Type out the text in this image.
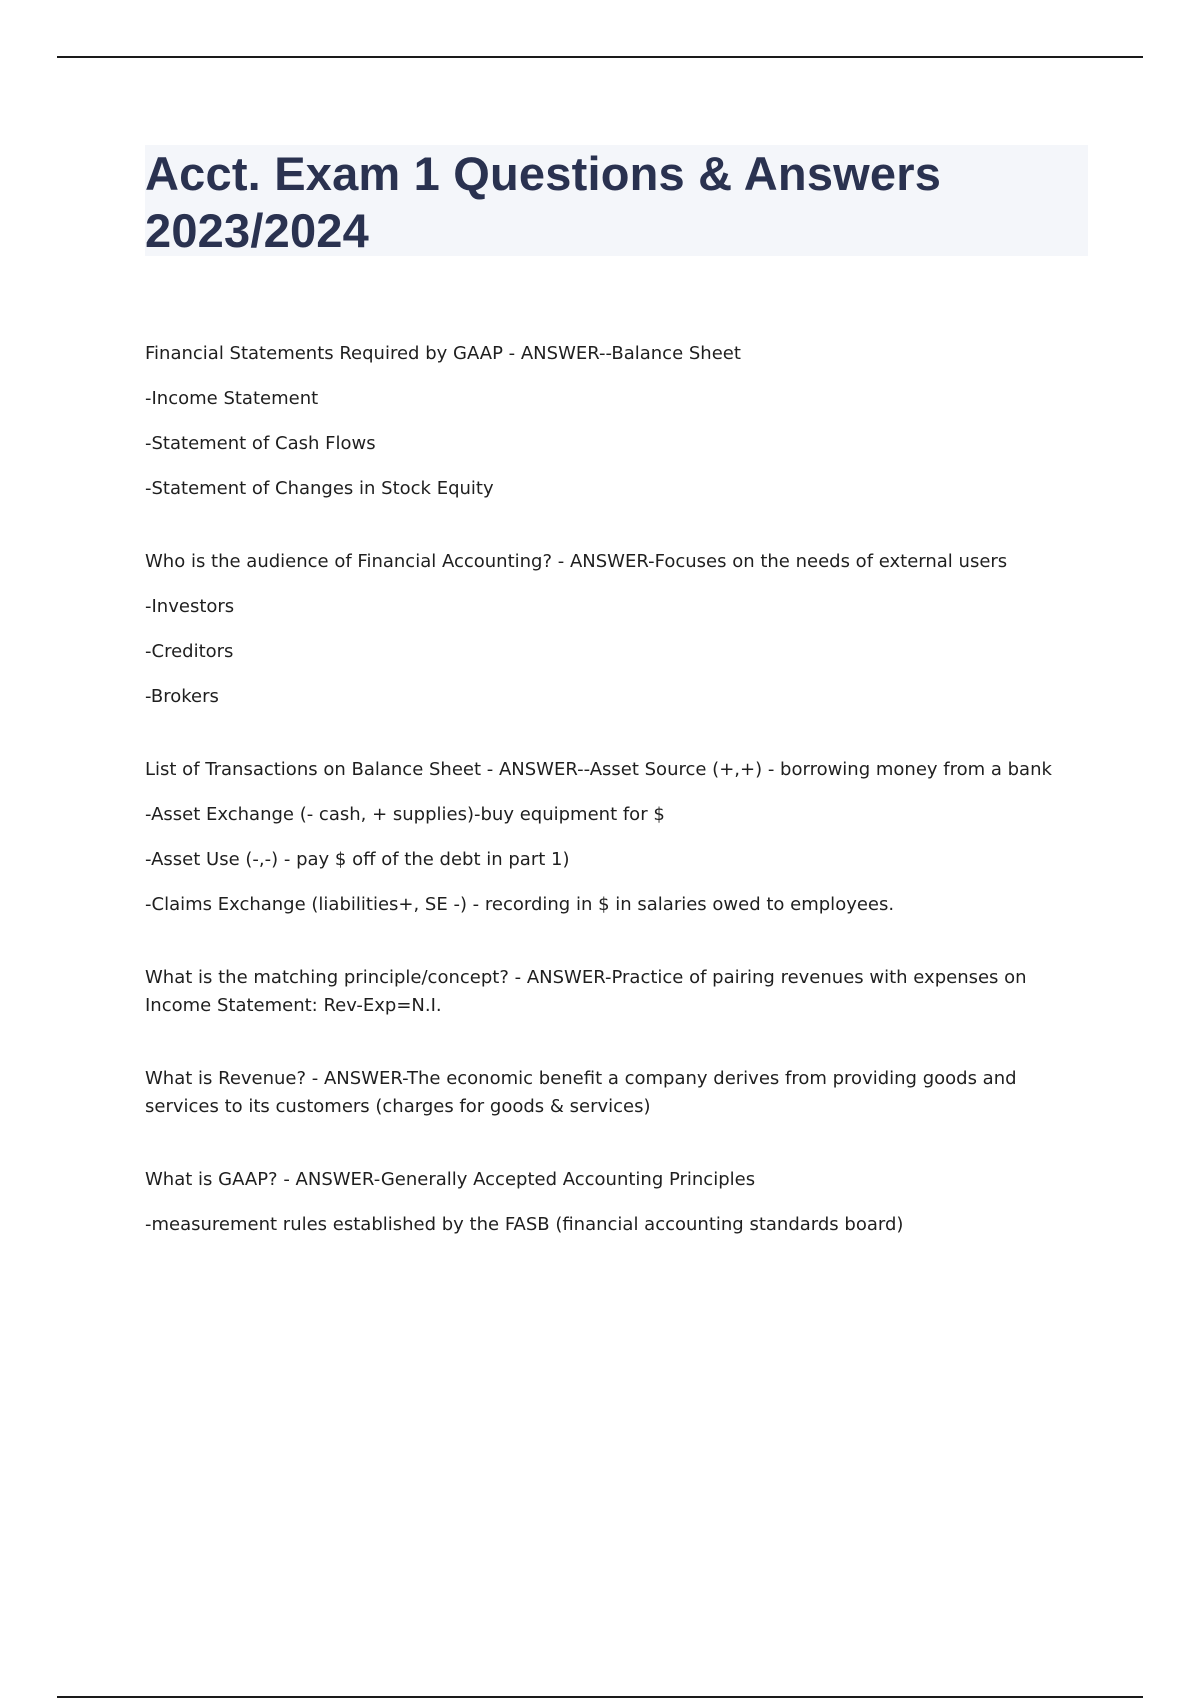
Acct. Exam 1 Questions & Answers
2023/2024
Financial Statements Required by GAAP - ANSWER--Balance Sheet
-Income Statement
-Statement of Cash Flows
-Statement of Changes in Stock Equity
Who is the audience of Financial Accounting? - ANSWER-Focuses on the needs of external users
-Investors
-Creditors
-Brokers
List of Transactions on Balance Sheet - ANSWER--Asset Source (+,+) - borrowing money from a bank
-Asset Exchange (- cash, + supplies)-buy equipment for $
-Asset Use (-,-) - pay $ off of the debt in part 1)
-Claims Exchange (liabilities+, SE -) - recording in $ in salaries owed to employees.
What is the matching principle/concept? - ANSWER-Practice of pairing revenues with expenses on Income Statement: Rev-Exp=N.I.
What is Revenue? - ANSWER-The economic benefit a company derives from providing goods and services to its customers (charges for goods & services)
What is GAAP? - ANSWER-Generally Accepted Accounting Principles
-measurement rules established by the FASB (financial accounting standards board)
